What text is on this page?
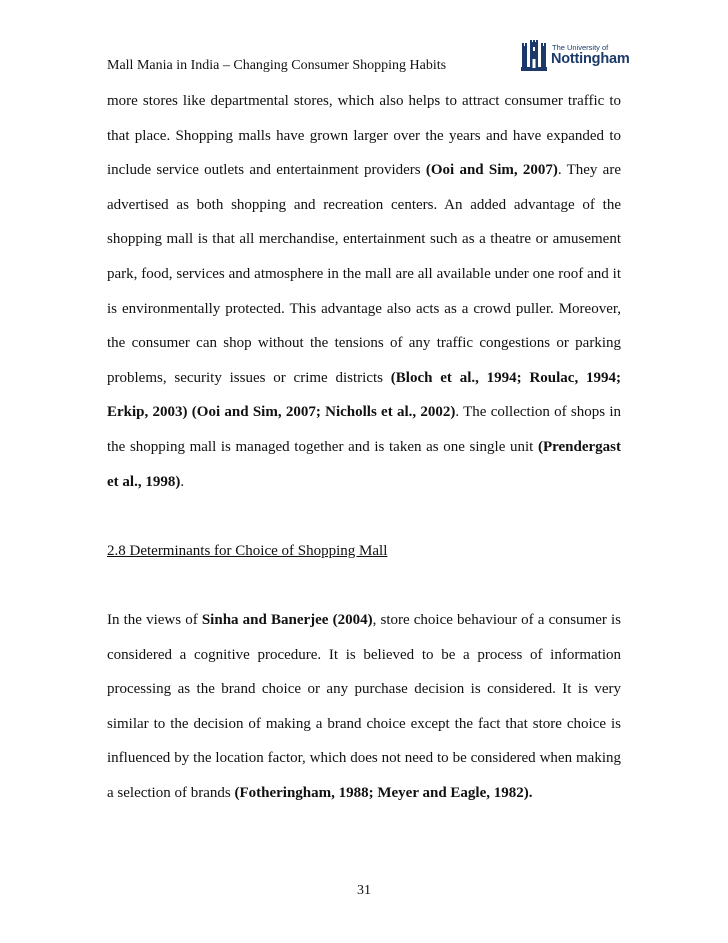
Mall Mania in India – Changing Consumer Shopping Habits
The University of
Nottingham

more stores like departmental stores, which also helps to attract consumer traffic to that place. Shopping malls have grown larger over the years and have expanded to include service outlets and entertainment providers (Ooi and Sim, 2007). They are advertised as both shopping and recreation centers. An added advantage of the shopping mall is that all merchandise, entertainment such as a theatre or amusement park, food, services and atmosphere in the mall are all available under one roof and it is environmentally protected. This advantage also acts as a crowd puller. Moreover, the consumer can shop without the tensions of any traffic congestions or parking problems, security issues or crime districts (Bloch et al., 1994; Roulac, 1994; Erkip, 2003) (Ooi and Sim, 2007; Nicholls et al., 2002). The collection of shops in the shopping mall is managed together and is taken as one single unit (Prendergast et al., 1998).

2.8 Determinants for Choice of Shopping Mall

In the views of Sinha and Banerjee (2004), store choice behaviour of a consumer is considered a cognitive procedure. It is believed to be a process of information processing as the brand choice or any purchase decision is considered. It is very similar to the decision of making a brand choice except the fact that store choice is influenced by the location factor, which does not need to be considered when making a selection of brands (Fotheringham, 1988; Meyer and Eagle, 1982).

31
